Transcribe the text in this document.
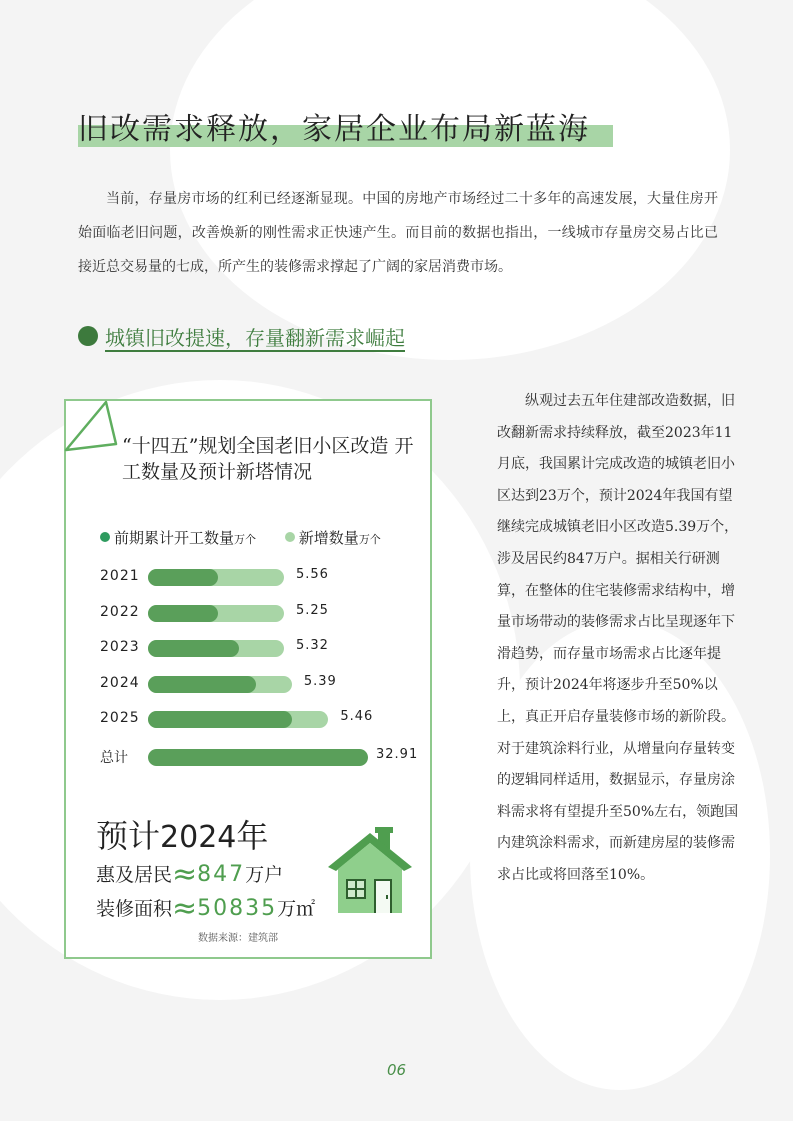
旧改需求释放，家居企业布局新蓝海

当前，存量房市场的红利已经逐渐显现。中国的房地产市场经过二十多年的高速发展，大量住房开始面临老旧问题，改善焕新的刚性需求正快速产生。而目前的数据也指出，一线城市存量房交易占比已接近总交易量的七成，所产生的装修需求撑起了广阔的家居消费市场。

城镇旧改提速，存量翻新需求崛起
“十四五”规划全国老旧小区改造 开工数量及预计新塔情况
前期累计开工数量万个	新增数量万个
2021	5.56
2022	5.25
2023	5.32
2024	5.39
2025	5.46
总计	32.91
预计2024年
惠及居民≈847万户
装修面积≈50835万㎡
数据来源：建筑部

纵观过去五年住建部改造数据，旧改翻新需求持续释放，截至2023年11月底，我国累计完成改造的城镇老旧小区达到23万个，预计2024年我国有望继续完成城镇老旧小区改造5.39万个，涉及居民约847万户。据相关行研测算，在整体的住宅装修需求结构中，增量市场带动的装修需求占比呈现逐年下滑趋势，而存量市场需求占比逐年提升，预计2024年将逐步升至50%以上，真正开启存量装修市场的新阶段。对于建筑涂料行业，从增量向存量转变的逻辑同样适用，数据显示，存量房涂料需求将有望提升至50%左右，领跑国内建筑涂料需求，而新建房屋的装修需求占比或将回落至10%。

06
